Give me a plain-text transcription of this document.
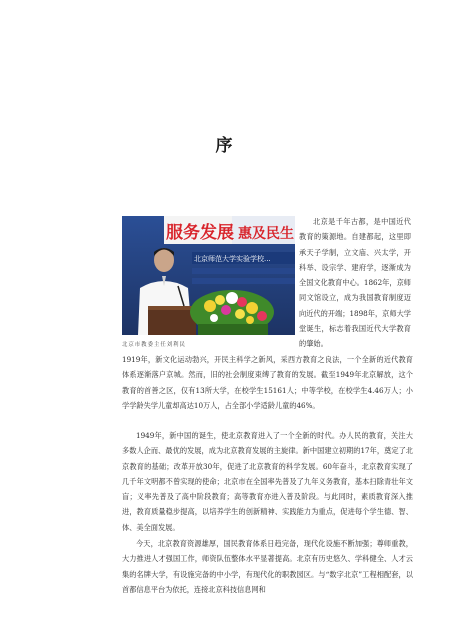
序
服务发展 惠及民生
北京师范大学实验学校...
北京市教委主任刘利民

北京是千年古都，是中国近代教育的策源地。自建都起，这里即承天子学制，立文庙、兴太学，开科举、设宗学、建府学，逐渐成为全国文化教育中心。1862年，京师同文馆设立，成为我国教育制度迈向近代的开端；1898年，京师大学堂诞生，标志着我国近代大学教育的肇始。

1919年，新文化运动勃兴，开民主科学之新风，采西方教育之良法，一个全新的近代教育体系逐渐落户京城。然而，旧的社会制度束缚了教育的发展。截至1949年北京解放，这个教育的首善之区，仅有13所大学，在校学生15161人；中等学校，在校学生4.46万人；小学学龄失学儿童却高达10万人，占全部小学适龄儿童的46%。

1949年，新中国的诞生，使北京教育进入了一个全新的时代。办人民的教育，关注大多数人企而、最优的发展，成为北京教育发展的主旋律。新中国建立初期的17年，奠定了北京教育的基础；改革开放30年，促进了北京教育的科学发展。60年奋斗，北京教育实现了几千年文明都不曾实现的使命；北京市在全国率先普及了九年义务教育，基本扫除青壮年文盲；义率先普及了高中阶段教育；高等教育亦进入普及阶段。与此同时，素质教育深入推进，教育质量稳步提高，以培养学生的创新精神、实践能力为重点，促进每个学生德、智、体、美全面发展。

今天，北京教育资源雄厚，国民教育体系日趋完备，现代化设施不断加强；尊师重教，大力推进人才强国工作，师资队伍整体水平显著提高。北京有历史悠久、学科健全、人才云集的名牌大学，有设施完备的中小学，有现代化的职教园区。与“数字北京”工程相配套，以首都信息平台为依托，连接北京科技信息网和
